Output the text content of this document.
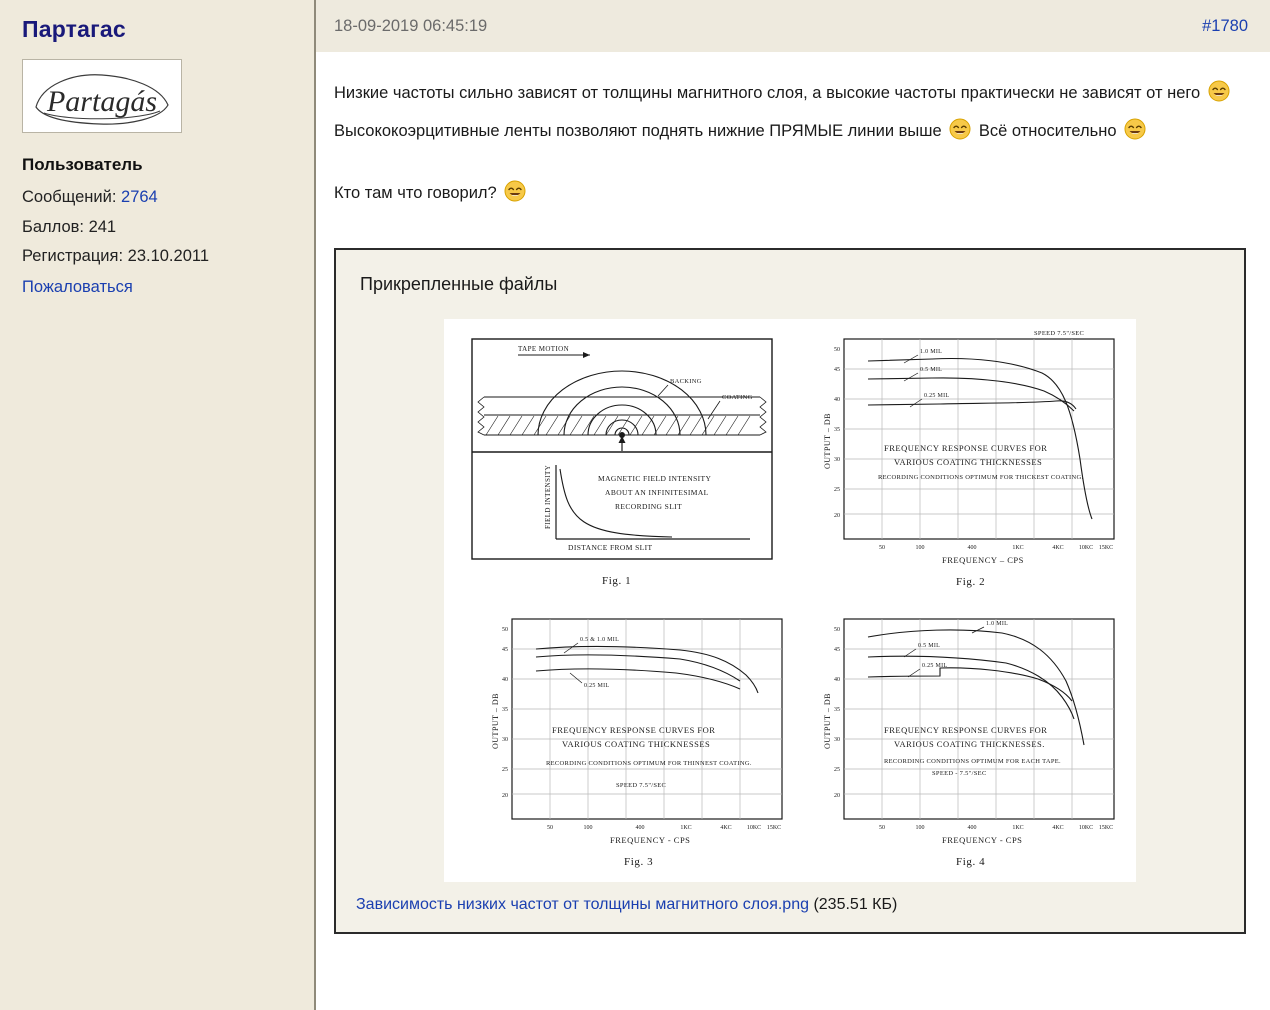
Партагас
Partagás
Пользователь
Сообщений: 2764
Баллов: 241
Регистрация: 23.10.2011
Пожаловаться
18-09-2019 06:45:19	#1780
Низкие частоты сильно зависят от толщины магнитного слоя, а высокие частоты практически не зависят от него  Высококоэрцитивные ленты позволяют поднять нижние ПРЯМЫЕ линии выше  Всё относительно
Кто там что говорил?
Прикрепленные файлы
TAPE MOTION
BACKING
COATING
FIELD INTENSITY
DISTANCE FROM SLIT
MAGNETIC FIELD INTENSITY
ABOUT AN INFINITESIMAL
RECORDING SLIT
Fig. 1
50
45
40
35
30
25
20
50	100	400	1KC	4KC	10KC 15KC
OUTPUT – DB
FREQUENCY – CPS
SPEED 7.5"/SEC
1.0 MIL
0.5 MIL
0.25 MIL
FREQUENCY RESPONSE CURVES FOR
VARIOUS COATING THICKNESSES
RECORDING CONDITIONS OPTIMUM FOR THICKEST COATING.
Fig. 2
50
45
40
35
30
25
20
50	100	400	1KC	4KC	10KC 15KC
OUTPUT – DB
FREQUENCY - CPS
0.5 & 1.0 MIL
0.25 MIL
FREQUENCY RESPONSE CURVES FOR
VARIOUS COATING THICKNESSES
RECORDING CONDITIONS OPTIMUM FOR THINNEST COATING.
SPEED 7.5"/SEC
Fig. 3
50
45
40
35
30
25
20
50	100	400	1KC	4KC	10KC 15KC
OUTPUT – DB
FREQUENCY - CPS
1.0 MIL
0.5 MIL
0.25 MIL
FREQUENCY RESPONSE CURVES FOR
VARIOUS COATING THICKNESSES.
RECORDING CONDITIONS OPTIMUM FOR EACH TAPE.
SPEED - 7.5"/SEC
Fig. 4
Зависимость низких частот от толщины магнитного слоя.png (235.51 КБ)
